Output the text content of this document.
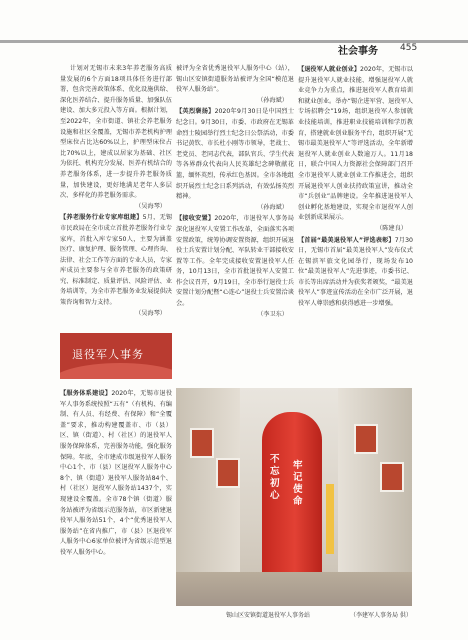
社会事务 455

计划对无锡市未来3年养老服务高质量发展的6个方面18项具体任务进行部署，包含完善政策体系、优化设施供给、深化医养结合、提升服务质量、加强队伍建设、加大多元投入等方面。根据计划，至2022年，全市街道、镇社会养老服务设施和社区全覆盖，无锡市养老机构护理型床位占比达60%以上，护理型床位占比70%以上，建成以居家为基础、社区为依托、机构充分发展、医养有机结合的养老服务体系，进一步提升养老服务质量，加快建设，更好地满足老年人多层次、多样化的养老服务需求。

（吴海琴）

【养老服务行业专家库组建】5月，无锡市民政局在全市成立首批养老服务行业专家库，首批入库专家50人，主要为涵盖医疗、康复护理、服务管理、心理咨询、法律、社会工作等方面的专业人员，专家库成员主要参与全市养老服务的政策研究、标准制定、质量评估、风险评估、业务培训等，为全市养老服务业发展提供决策咨询和智力支持。

（吴海琴）

退役军人事务

【服务体系建设】2020年，无锡市退役军人事务系统按照“五有”（有机构、有编制、有人员、有经费、有保障）和“全覆盖”要求，推动构建覆盖市、市（县）区、镇（街道）、村（社区）的退役军人服务保障体系，完善服务功能，强化服务保障。年底，全市建成市级退役军人服务中心1个、市（县）区退役军人服务中心8个、镇（街道）退役军人服务站84个、村（社区）退役军人服务站1437个，实现建设全覆盖。全市78个镇（街道）服务站被评为省级示范服务站，市区新建退役军人服务站51个，4个“优秀退役军人服务站”在省内推广，市（县）区退役军人服务中心6家单位被评为省级示范型退役军人服务中心。

被评为全省优秀退役军人服务中心（站），锡山区安镇街道服务站被评为全国“模范退役军人服务站”。

（孙海斌）

【英烈褒扬】2020年9月30日是中国烈士纪念日。9月30日，市委、市政府在无锡革命烈士陵园举行烈士纪念日公祭活动，市委书记黄钦、市长杜小刚等市领导，老战士、老党员、老同志代表，部队官兵、学生代表等各界群众代表向人民英雄纪念碑敬献花篮，缅怀英烈，传承红色基因。全市各地组织开展烈士纪念日系列活动，有效弘扬英烈精神。

（孙海斌）

【接收安置】2020年，市退役军人事务局深化退役军人安置工作改革，全面落实各项安置政策，统筹协调安置资源，组织开展退役士兵安置计划分配、军队转业干部接收安置等工作。全年完成接收安置退役军人任务，10月13日，全市首批退役军人安置工作会议召开，9月19日，全市举行退役士兵安置计划分配暨“心连心”退役士兵安置洽谈会。

（李卫东）

【退役军人就业创业】2020年，无锡市以提升退役军人就业技能、增强退役军人就业竞争力为重点，推进退役军人教育培训和就业创业。举办“锡企进军营、退役军人专场招聘会”19场，组织退役军人参加就业技能培训，推进职业技能培训和学历教育，搭建就业创业服务平台，组织开展“无锡市最美退役军人”等评选活动，全年新增退役军人就业创业人数逾万人。11月18日，联合中国人力资源社会保障部门召开全市退役军人就业创业工作推进会，组织开展退役军人创业扶持政策宣讲，推动全市“兵创业”品牌建设。全年推进退役军人创业孵化基地建设，实现全市退役军人创业创新成果展示。

（陈建良）

【首届“最美退役军人”评选表彰】7月30日，无锡市首届“最美退役军人”发布仪式在锡滨军旅文化园举行，现场发布10位“最美退役军人”先进事迹，市委书记、市长等出席活动并为获奖者颁奖，“最美退役军人”事迹宣传活动在全市广泛开展，退役军人尊崇感和获得感进一步增强。

不忘初心
牢记使命
锡山区安镇街道退役军人事务站	（李建军人事务局 供）
